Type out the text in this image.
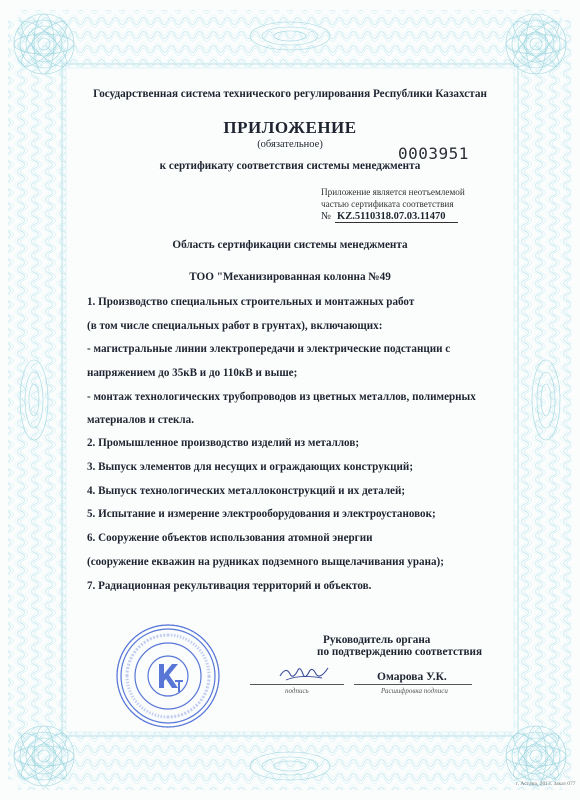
Государственная система технического регулирования Республики Казахстан
ПРИЛОЖЕНИЕ
(обязательное)	0003951
к сертификату соответствия системы менеджмента
Приложение является неотъемлемой
частью сертификата соответствия
№ KZ.5110318.07.03.11470
Область сертификации системы менеджмента
ТОО "Механизированная колонна №49
1. Производство специальных строительных и монтажных работ
(в том числе специальных работ в грунтах), включающих:
- магистральные линии электропередачи и электрические подстанции с
напряжением до 35кВ и до 110кВ и выше;
- монтаж технологических трубопроводов из цветных металлов, полимерных
материалов и стекла.
2. Промышленное производство изделий из металлов;
3. Выпуск элементов для несущих и ограждающих конструкций;
4. Выпуск технологических металлоконструкций и их деталей;
5. Испытание и измерение электрооборудования и электроустановок;
6. Сооружение объектов использования атомной энергии
(сооружение екважин на рудниках подземного выщелачивания урана);
7. Радиационная рекультивация территорий и объектов.
Руководитель органа
по подтверждению соответствия
подпись
Омарова У.К.
Расшифровка подписи
г. Астана, 2013. Заказ 077
